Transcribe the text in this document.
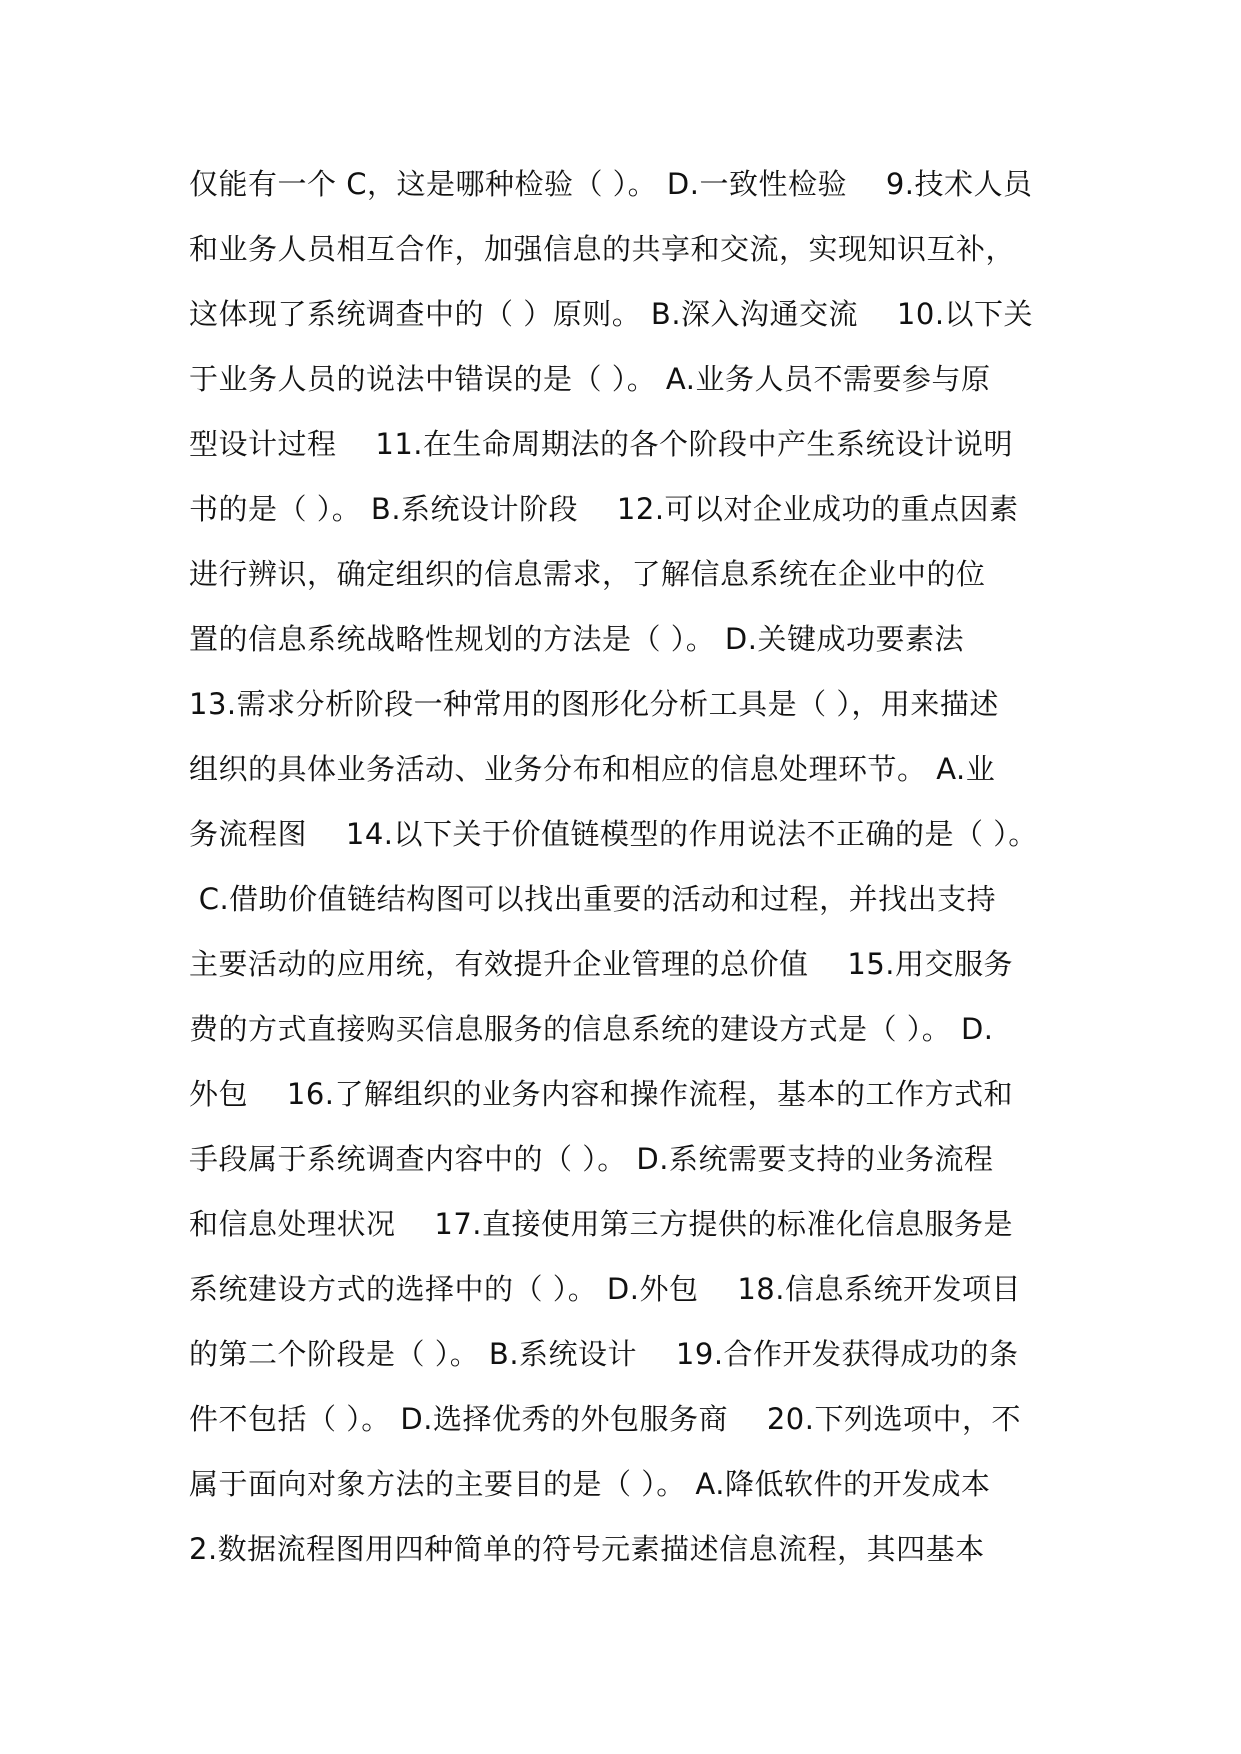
仅能有一个 C，这是哪种检验（ ）。 D.一致性检验    9.技术人员
和业务人员相互合作，加强信息的共享和交流，实现知识互补，
这体现了系统调查中的（ ）原则。 B.深入沟通交流    10.以下关
于业务人员的说法中错误的是（ ）。 A.业务人员不需要参与原
型设计过程    11.在生命周期法的各个阶段中产生系统设计说明
书的是（ ）。 B.系统设计阶段    12.可以对企业成功的重点因素
进行辨识，确定组织的信息需求，了解信息系统在企业中的位
置的信息系统战略性规划的方法是（ ）。 D.关键成功要素法
13.需求分析阶段一种常用的图形化分析工具是（ ），用来描述
组织的具体业务活动、业务分布和相应的信息处理环节。 A.业
务流程图    14.以下关于价值链模型的作用说法不正确的是（ ）。
C.借助价值链结构图可以找出重要的活动和过程，并找出支持
主要活动的应用统，有效提升企业管理的总价值    15.用交服务
费的方式直接购买信息服务的信息系统的建设方式是（ ）。 D.
外包    16.了解组织的业务内容和操作流程，基本的工作方式和
手段属于系统调查内容中的（ ）。 D.系统需要支持的业务流程
和信息处理状况    17.直接使用第三方提供的标准化信息服务是
系统建设方式的选择中的（ ）。 D.外包    18.信息系统开发项目
的第二个阶段是（ ）。 B.系统设计    19.合作开发获得成功的条
件不包括（ ）。 D.选择优秀的外包服务商    20.下列选项中，不
属于面向对象方法的主要目的是（ ）。 A.降低软件的开发成本
2.数据流程图用四种简单的符号元素描述信息流程，其四基本
